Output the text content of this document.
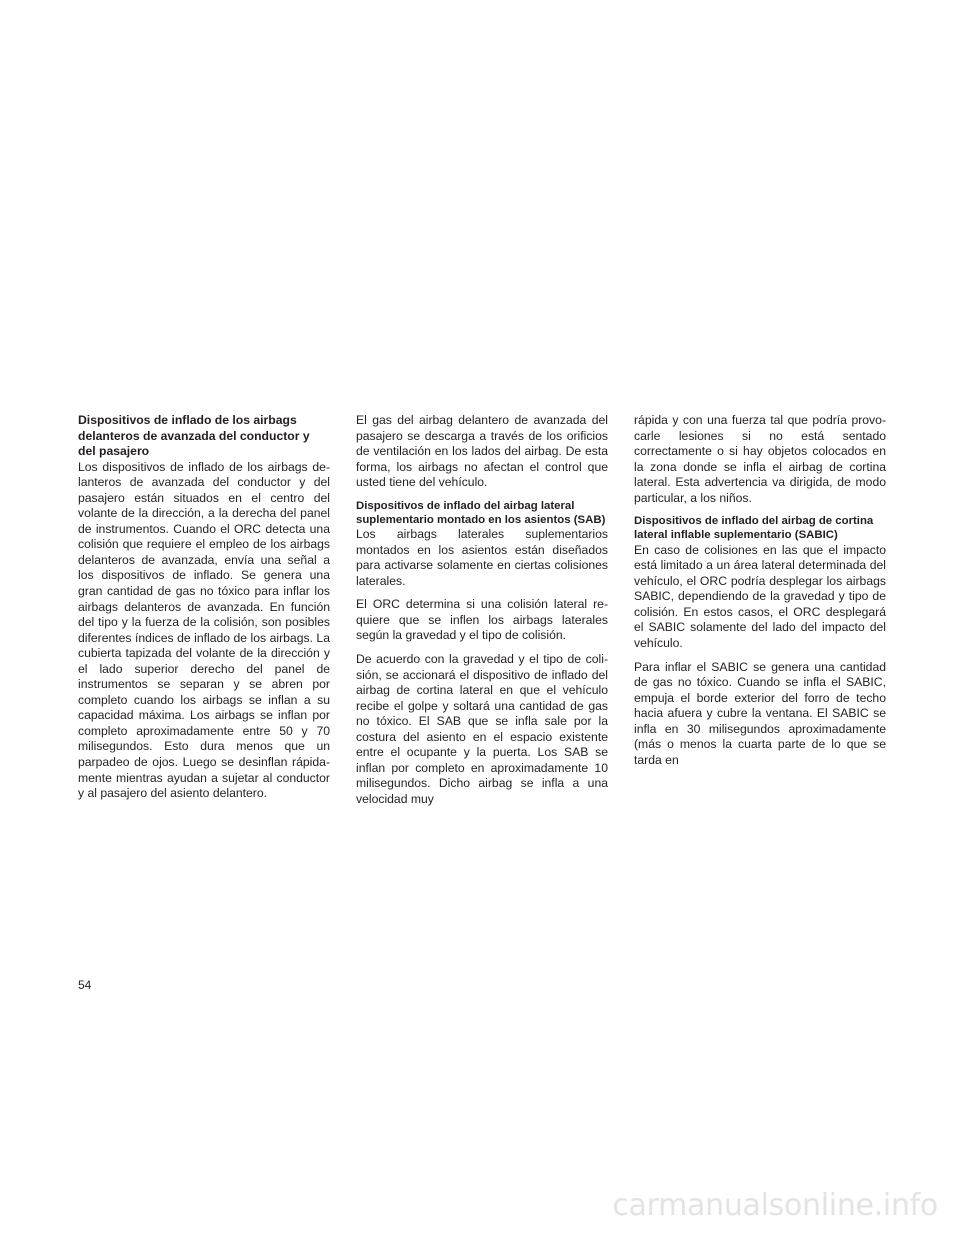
Dispositivos de inflado de los airbags delanteros de avanzada del conductor y del pasajero

Los dispositivos de inflado de los airbags delanteros de avanzada del conductor y del pasajero están situados en el centro del volante de la dirección, a la derecha del panel de instrumentos. Cuando el ORC detecta una colisión que requiere el empleo de los airbags delanteros de avanzada, envía una señal a los dispositivos de inflado. Se genera una gran cantidad de gas no tóxico para inflar los airbags delanteros de avanzada. En función del tipo y la fuerza de la colisión, son posibles diferentes índices de inflado de los airbags. La cubierta tapizada del volante de la dirección y el lado superior derecho del panel de instrumentos se separan y se abren por completo cuando los airbags se inflan a su capacidad máxima. Los airbags se inflan por completo aproximadamente entre 50 y 70 milisegundos. Esto dura menos que un parpadeo de ojos. Luego se desinflan rápidamente mientras ayudan a sujetar al conductor y al pasajero del asiento delantero.

El gas del airbag delantero de avanzada del pasajero se descarga a través de los orificios de ventilación en los lados del airbag. De esta forma, los airbags no afectan el control que usted tiene del vehículo.

Dispositivos de inflado del airbag lateral suplementario montado en los asientos (SAB)

Los airbags laterales suplementarios montados en los asientos están diseñados para activarse solamente en ciertas colisiones laterales.

El ORC determina si una colisión lateral requiere que se inflen los airbags laterales según la gravedad y el tipo de colisión.

De acuerdo con la gravedad y el tipo de colisión, se accionará el dispositivo de inflado del airbag de cortina lateral en que el vehículo recibe el golpe y soltará una cantidad de gas no tóxico. El SAB que se infla sale por la costura del asiento en el espacio existente entre el ocupante y la puerta. Los SAB se inflan por completo en aproximadamente 10 milisegundos. Dicho airbag se infla a una velocidad muy

rápida y con una fuerza tal que podría provocarle lesiones si no está sentado correctamente o si hay objetos colocados en la zona donde se infla el airbag de cortina lateral. Esta advertencia va dirigida, de modo particular, a los niños.

Dispositivos de inflado del airbag de cortina lateral inflable suplementario (SABIC)

En caso de colisiones en las que el impacto está limitado a un área lateral determinada del vehículo, el ORC podría desplegar los airbags SABIC, dependiendo de la gravedad y tipo de colisión. En estos casos, el ORC desplegará el SABIC solamente del lado del impacto del vehículo.

Para inflar el SABIC se genera una cantidad de gas no tóxico. Cuando se infla el SABIC, empuja el borde exterior del forro de techo hacia afuera y cubre la ventana. El SABIC se infla en 30 milisegundos aproximadamente (más o menos la cuarta parte de lo que se tarda en

54
carmanualsonline.info
